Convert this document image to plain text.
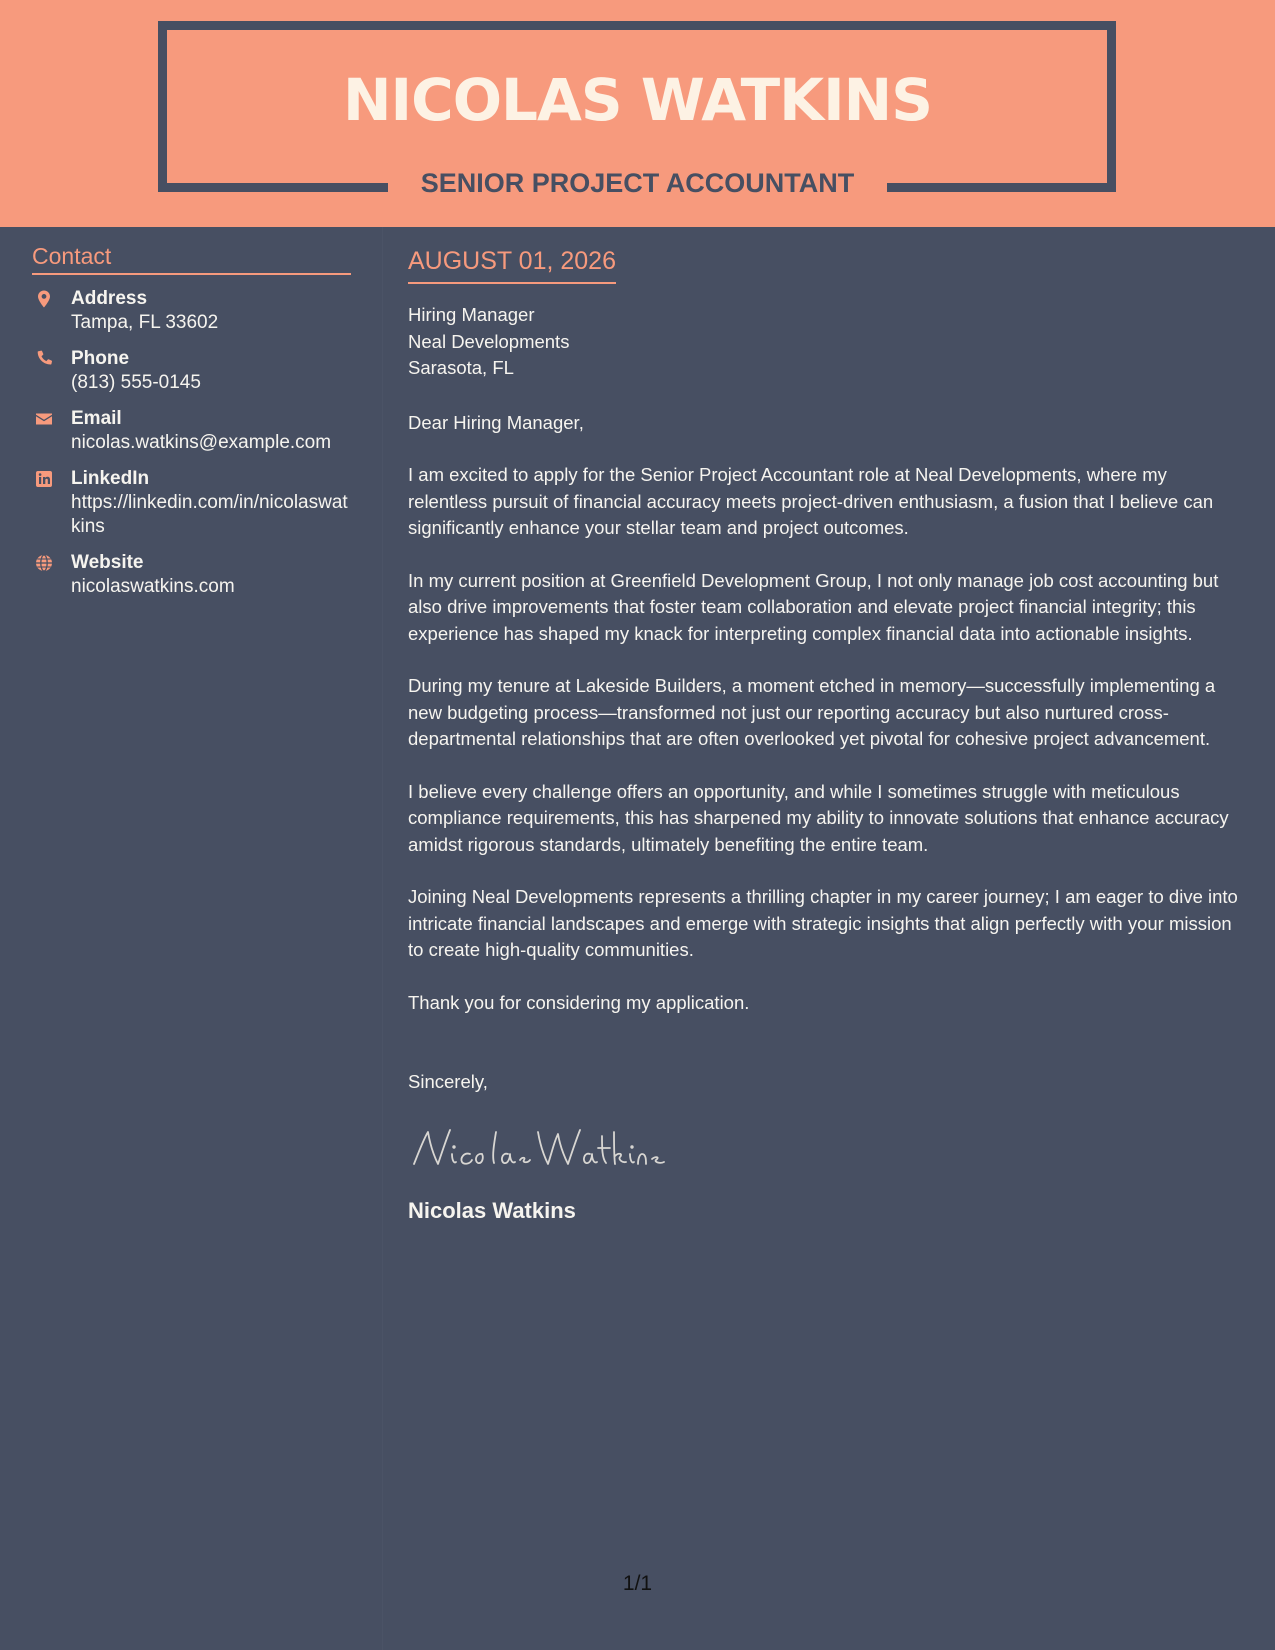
NICOLAS WATKINS
SENIOR PROJECT ACCOUNTANT
Contact
Address
Tampa, FL 33602
Phone
(813) 555-0145
Email
nicolas.watkins@example.com
LinkedIn
https://linkedin.com/in/nicolaswatkins
Website
nicolaswatkins.com
AUGUST 01, 2026
Hiring Manager
Neal Developments
Sarasota, FL
Dear Hiring Manager,
I am excited to apply for the Senior Project Accountant role at Neal Developments, where my relentless pursuit of financial accuracy meets project-driven enthusiasm, a fusion that I believe can significantly enhance your stellar team and project outcomes.
In my current position at Greenfield Development Group, I not only manage job cost accounting but also drive improvements that foster team collaboration and elevate project financial integrity; this experience has shaped my knack for interpreting complex financial data into actionable insights.
During my tenure at Lakeside Builders, a moment etched in memory—successfully implementing a new budgeting process—transformed not just our reporting accuracy but also nurtured cross-departmental relationships that are often overlooked yet pivotal for cohesive project advancement.
I believe every challenge offers an opportunity, and while I sometimes struggle with meticulous compliance requirements, this has sharpened my ability to innovate solutions that enhance accuracy amidst rigorous standards, ultimately benefiting the entire team.
Joining Neal Developments represents a thrilling chapter in my career journey; I am eager to dive into intricate financial landscapes and emerge with strategic insights that align perfectly with your mission to create high-quality communities.
Thank you for considering my application.
Sincerely,
Nicolas Watkins
1/1
